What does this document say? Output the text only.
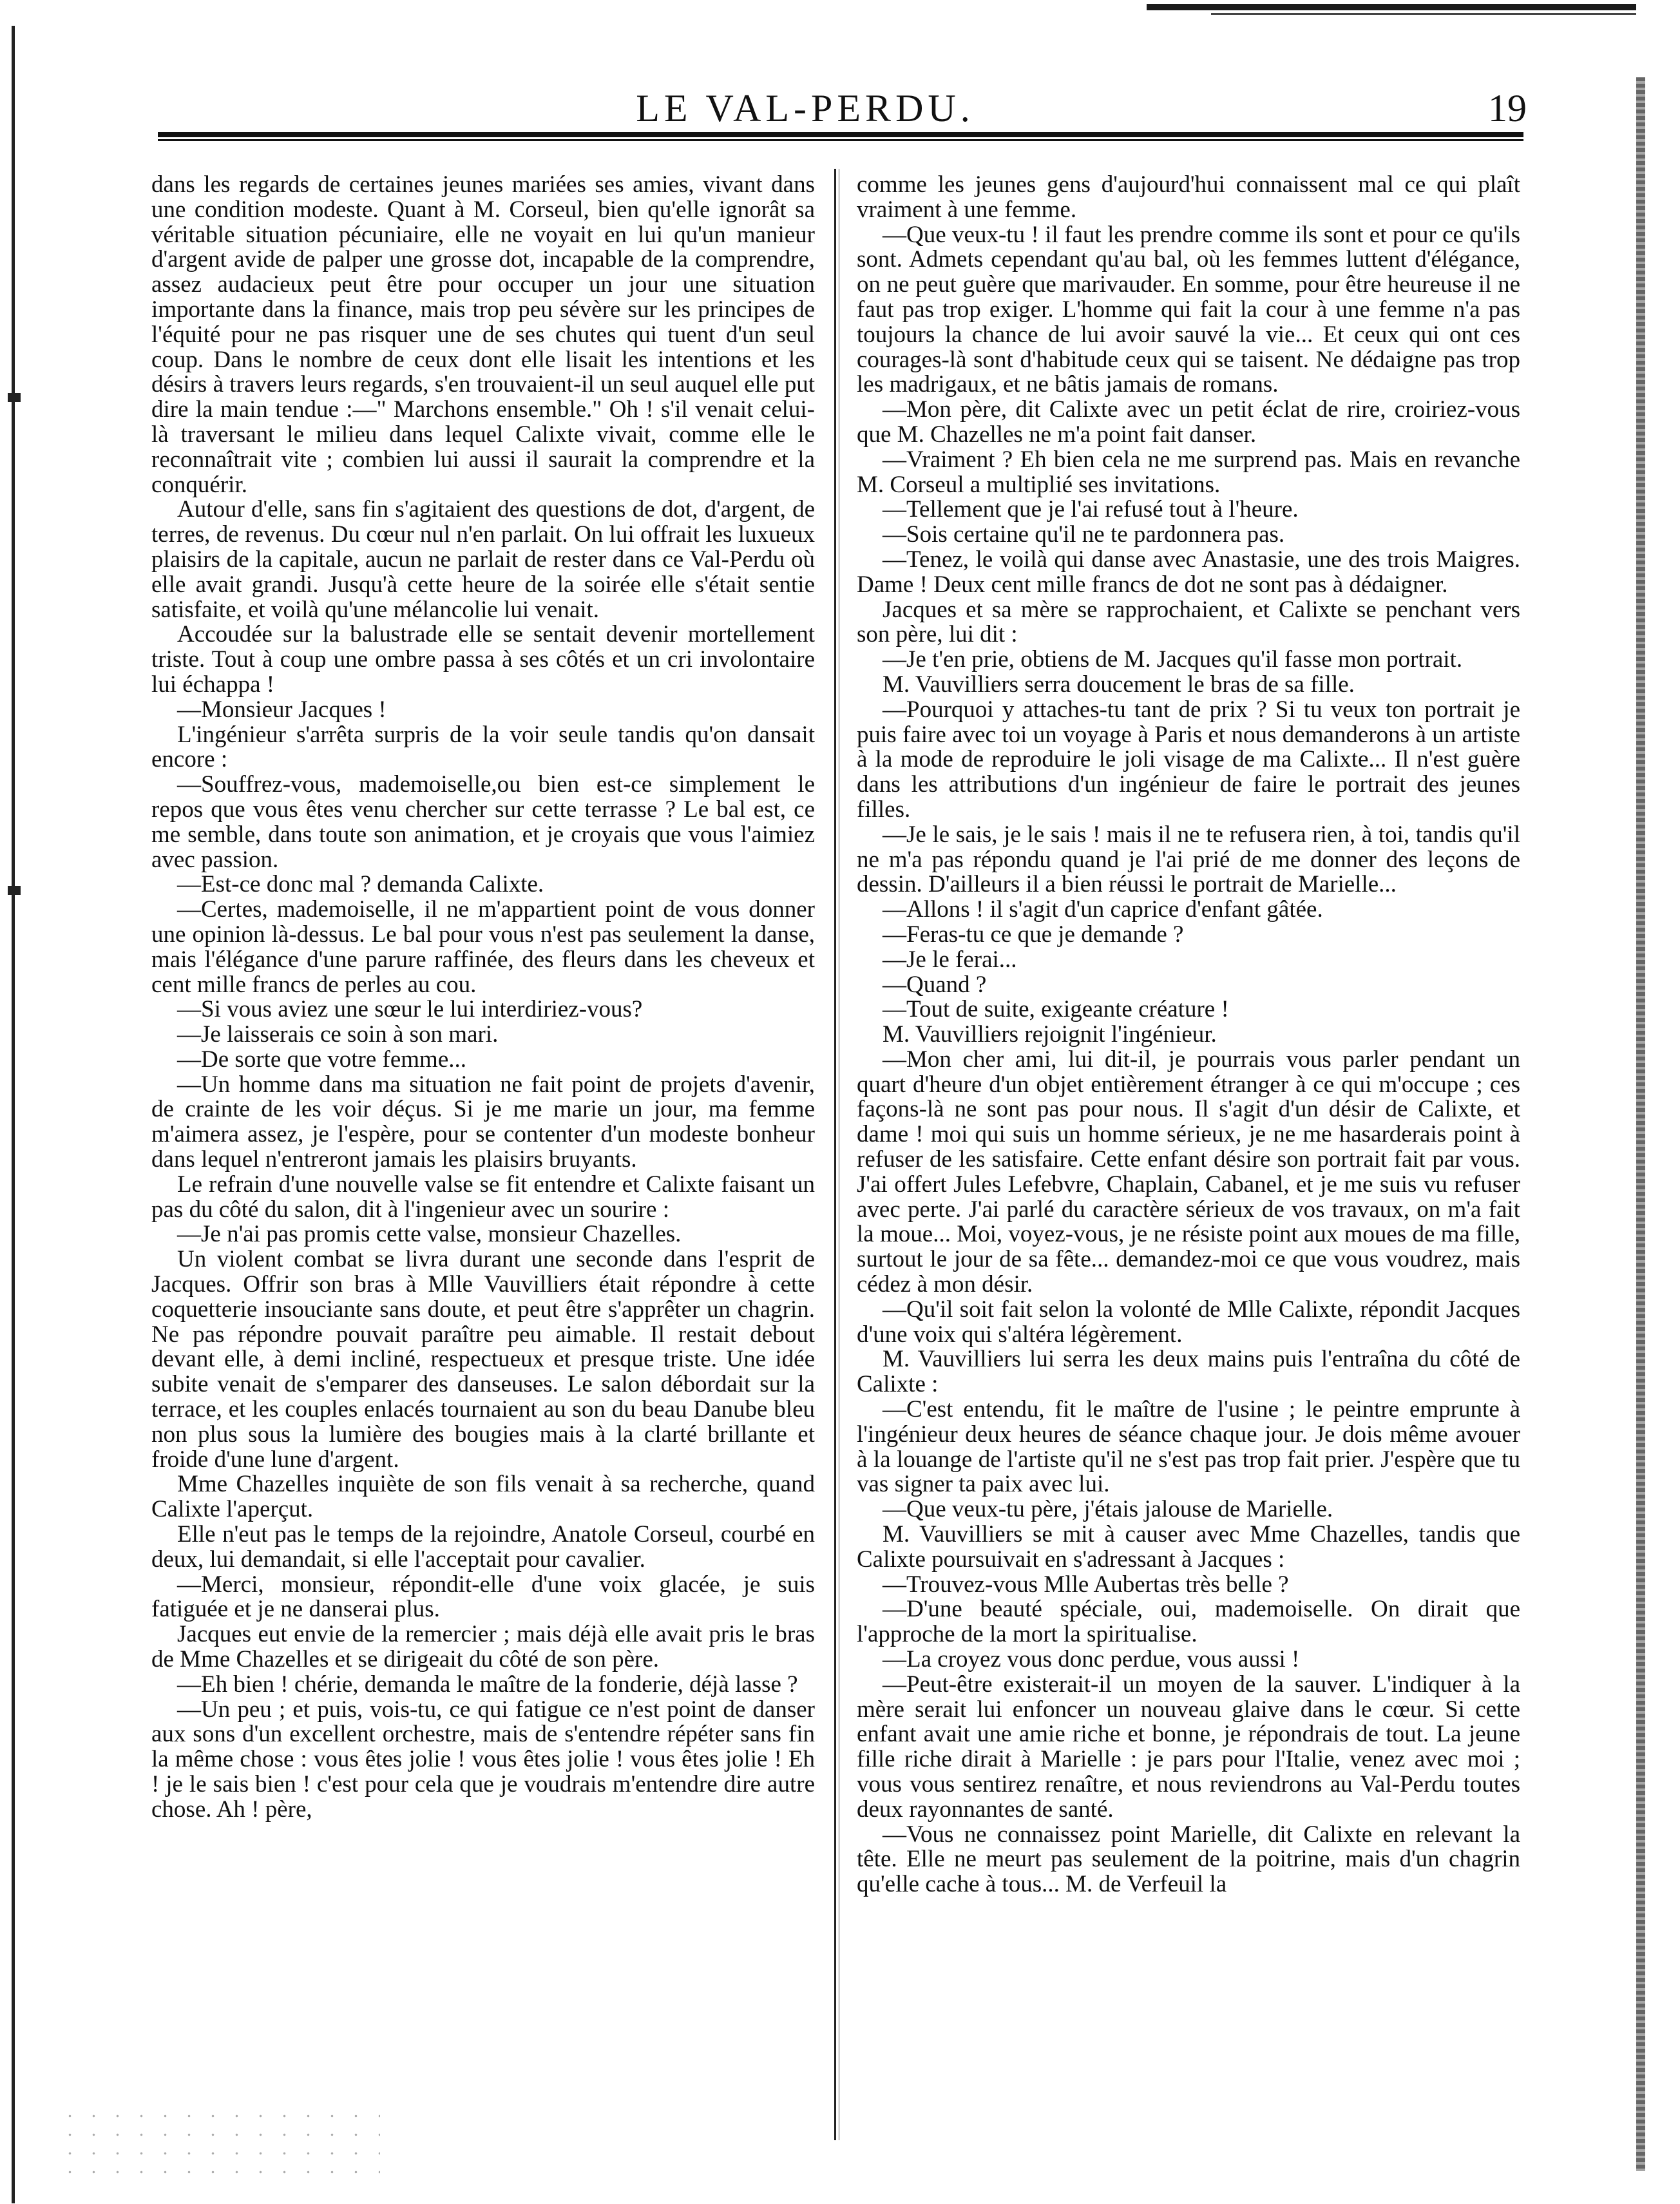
LE VAL-PERDU.	19

dans les regards de certaines jeunes mariées ses amies, vivant dans une condition modeste. Quant à M. Corseul, bien qu'elle ignorât sa véritable situation pécuniaire, elle ne voyait en lui qu'un manieur d'argent avide de palper une grosse dot, incapable de la comprendre, assez audacieux peut être pour occuper un jour une situation importante dans la finance, mais trop peu sévère sur les principes de l'équité pour ne pas risquer une de ses chutes qui tuent d'un seul coup. Dans le nombre de ceux dont elle lisait les intentions et les désirs à travers leurs regards, s'en trouvaient-il un seul auquel elle put dire la main tendue :—" Marchons ensemble." Oh ! s'il venait celui-là traversant le milieu dans lequel Calixte vivait, comme elle le reconnaîtrait vite ; combien lui aussi il saurait la comprendre et la conquérir.

Autour d'elle, sans fin s'agitaient des questions de dot, d'argent, de terres, de revenus. Du cœur nul n'en parlait. On lui offrait les luxueux plaisirs de la capitale, aucun ne parlait de rester dans ce Val-Perdu où elle avait grandi. Jusqu'à cette heure de la soirée elle s'était sentie satisfaite, et voilà qu'une mélancolie lui venait.

Accoudée sur la balustrade elle se sentait devenir mortellement triste. Tout à coup une ombre passa à ses côtés et un cri involontaire lui échappa !

—Monsieur Jacques !

L'ingénieur s'arrêta surpris de la voir seule tandis qu'on dansait encore :

—Souffrez-vous, mademoiselle,ou bien est-ce simplement le repos que vous êtes venu chercher sur cette terrasse ? Le bal est, ce me semble, dans toute son animation, et je croyais que vous l'aimiez avec passion.

—Est-ce donc mal ? demanda Calixte.

—Certes, mademoiselle, il ne m'appartient point de vous donner une opinion là-dessus. Le bal pour vous n'est pas seulement la danse, mais l'élégance d'une parure raffinée, des fleurs dans les cheveux et cent mille francs de perles au cou.

—Si vous aviez une sœur le lui interdiriez-vous?

—Je laisserais ce soin à son mari.

—De sorte que votre femme...

—Un homme dans ma situation ne fait point de projets d'avenir, de crainte de les voir déçus. Si je me marie un jour, ma femme m'aimera assez, je l'espère, pour se contenter d'un modeste bonheur dans lequel n'entreront jamais les plaisirs bruyants.

Le refrain d'une nouvelle valse se fit entendre et Calixte faisant un pas du côté du salon, dit à l'ingenieur avec un sourire :

—Je n'ai pas promis cette valse, monsieur Chazelles.

Un violent combat se livra durant une seconde dans l'esprit de Jacques. Offrir son bras à Mlle Vauvilliers était répondre à cette coquetterie insouciante sans doute, et peut être s'apprêter un chagrin. Ne pas répondre pouvait paraître peu aimable. Il restait debout devant elle, à demi incliné, respectueux et presque triste. Une idée subite venait de s'emparer des danseuses. Le salon débordait sur la terrace, et les couples enlacés tournaient au son du beau Danube bleu non plus sous la lumière des bougies mais à la clarté brillante et froide d'une lune d'argent.

Mme Chazelles inquiète de son fils venait à sa recherche, quand Calixte l'aperçut.

Elle n'eut pas le temps de la rejoindre, Anatole Corseul, courbé en deux, lui demandait, si elle l'acceptait pour cavalier.

—Merci, monsieur, répondit-elle d'une voix glacée, je suis fatiguée et je ne danserai plus.

Jacques eut envie de la remercier ; mais déjà elle avait pris le bras de Mme Chazelles et se dirigeait du côté de son père.

—Eh bien ! chérie, demanda le maître de la fonderie, déjà lasse ?

—Un peu ; et puis, vois-tu, ce qui fatigue ce n'est point de danser aux sons d'un excellent orchestre, mais de s'entendre répéter sans fin la même chose : vous êtes jolie ! vous êtes jolie ! vous êtes jolie ! Eh ! je le sais bien ! c'est pour cela que je voudrais m'entendre dire autre chose. Ah ! père,

comme les jeunes gens d'aujourd'hui connaissent mal ce qui plaît vraiment à une femme.

—Que veux-tu ! il faut les prendre comme ils sont et pour ce qu'ils sont. Admets cependant qu'au bal, où les femmes luttent d'élégance, on ne peut guère que marivauder. En somme, pour être heureuse il ne faut pas trop exiger. L'homme qui fait la cour à une femme n'a pas toujours la chance de lui avoir sauvé la vie... Et ceux qui ont ces courages-là sont d'habitude ceux qui se taisent. Ne dédaigne pas trop les madrigaux, et ne bâtis jamais de romans.

—Mon père, dit Calixte avec un petit éclat de rire, croiriez-vous que M. Chazelles ne m'a point fait danser.

—Vraiment ? Eh bien cela ne me surprend pas. Mais en revanche M. Corseul a multiplié ses invitations.

—Tellement que je l'ai refusé tout à l'heure.

—Sois certaine qu'il ne te pardonnera pas.

—Tenez, le voilà qui danse avec Anastasie, une des trois Maigres. Dame ! Deux cent mille francs de dot ne sont pas à dédaigner.

Jacques et sa mère se rapprochaient, et Calixte se penchant vers son père, lui dit :

—Je t'en prie, obtiens de M. Jacques qu'il fasse mon portrait.

M. Vauvilliers serra doucement le bras de sa fille.

—Pourquoi y attaches-tu tant de prix ? Si tu veux ton portrait je puis faire avec toi un voyage à Paris et nous demanderons à un artiste à la mode de reproduire le joli visage de ma Calixte... Il n'est guère dans les attributions d'un ingénieur de faire le portrait des jeunes filles.

—Je le sais, je le sais ! mais il ne te refusera rien, à toi, tandis qu'il ne m'a pas répondu quand je l'ai prié de me donner des leçons de dessin. D'ailleurs il a bien réussi le portrait de Marielle...

—Allons ! il s'agit d'un caprice d'enfant gâtée.

—Feras-tu ce que je demande ?

—Je le ferai...

—Quand ?

—Tout de suite, exigeante créature !

M. Vauvilliers rejoignit l'ingénieur.

—Mon cher ami, lui dit-il, je pourrais vous parler pendant un quart d'heure d'un objet entièrement étranger à ce qui m'occupe ; ces façons-là ne sont pas pour nous. Il s'agit d'un désir de Calixte, et dame ! moi qui suis un homme sérieux, je ne me hasarderais point à refuser de les satisfaire. Cette enfant désire son portrait fait par vous. J'ai offert Jules Lefebvre, Chaplain, Cabanel, et je me suis vu refuser avec perte. J'ai parlé du caractère sérieux de vos travaux, on m'a fait la moue... Moi, voyez-vous, je ne résiste point aux moues de ma fille, surtout le jour de sa fête... demandez-moi ce que vous voudrez, mais cédez à mon désir.

—Qu'il soit fait selon la volonté de Mlle Calixte, répondit Jacques d'une voix qui s'altéra légèrement.

M. Vauvilliers lui serra les deux mains puis l'entraîna du côté de Calixte :

—C'est entendu, fit le maître de l'usine ; le peintre emprunte à l'ingénieur deux heures de séance chaque jour. Je dois même avouer à la louange de l'artiste qu'il ne s'est pas trop fait prier. J'espère que tu vas signer ta paix avec lui.

—Que veux-tu père, j'étais jalouse de Marielle.

M. Vauvilliers se mit à causer avec Mme Chazelles, tandis que Calixte poursuivait en s'adressant à Jacques :

—Trouvez-vous Mlle Aubertas très belle ?

—D'une beauté spéciale, oui, mademoiselle. On dirait que l'approche de la mort la spiritualise.

—La croyez vous donc perdue, vous aussi !

—Peut-être existerait-il un moyen de la sauver. L'indiquer à la mère serait lui enfoncer un nouveau glaive dans le cœur. Si cette enfant avait une amie riche et bonne, je répondrais de tout. La jeune fille riche dirait à Marielle : je pars pour l'Italie, venez avec moi ; vous vous sentirez renaître, et nous reviendrons au Val-Perdu toutes deux rayonnantes de santé.

—Vous ne connaissez point Marielle, dit Calixte en relevant la tête. Elle ne meurt pas seulement de la poitrine, mais d'un chagrin qu'elle cache à tous... M. de Verfeuil la
